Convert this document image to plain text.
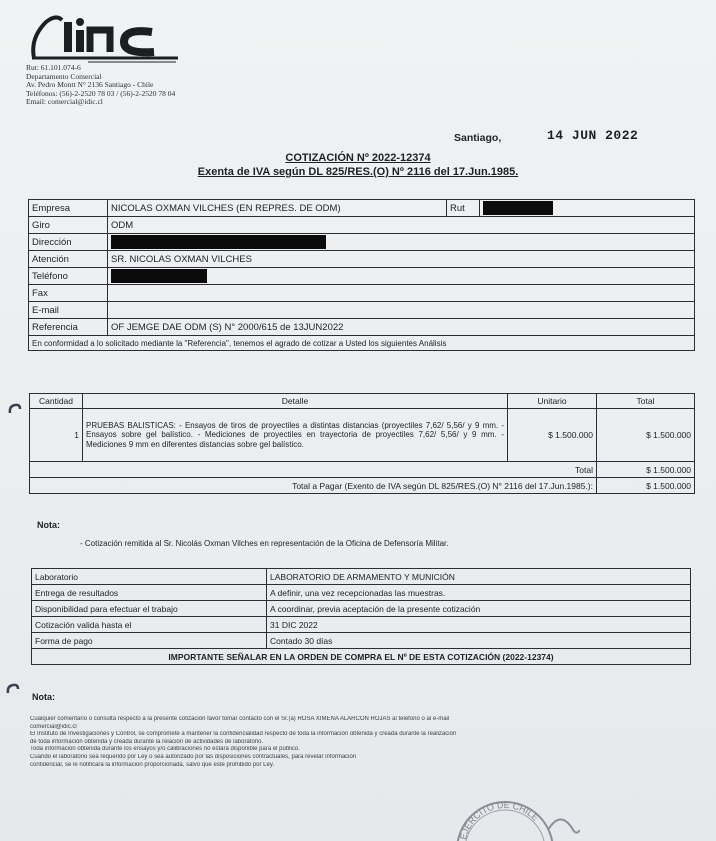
Rut: 61.101.074-6
Departamento Comercial
Av. Pedro Montt N° 2136 Santiago - Chile
Teléfonos: (56)-2-2520 78 03 / (56)-2-2520 78 04
Email: comercial@idic.cl
Santiago,	14 JUN 2022
COTIZACIÓN Nº 2022-12374
Exenta de IVA según DL 825/RES.(O) Nº 2116 del 17.Jun.1985.
Empresa	NICOLAS OXMAN VILCHES (EN REPRES. DE ODM)	Rut	
Giro	ODM		
Dirección			
Atención	SR. NICOLAS OXMAN VILCHES		
Teléfono			
Fax			
E-mail			
Referencia	OF JEMGE DAE ODM (S) N° 2000/615 de 13JUN2022		
En conformidad a lo solicitado mediante la "Referencia", tenemos el agrado de cotizar a Usted los siguientes Análisis			
Cantidad	Detalle	Unitario	Total
1	PRUEBAS BALISTICAS: - Ensayos de tiros de proyectiles a distintas distancias (proyectiles 7,62/ 5,56/ y 9 mm. - Ensayos sobre gel balístico. - Mediciones de proyectiles en trayectoria de proyectiles 7,62/ 5,56/ y 9 mm. - Mediciones 9 mm en diferentes distancias sobre gel balístico.	$ 1.500.000	$ 1.500.000
Total			$ 1.500.000
Total a Pagar (Exento de IVA según DL 825/RES.(O) N° 2116 del 17.Jun.1985.):			$ 1.500.000
Nota:
- Cotización remitida al Sr. Nicolás Oxman Vilches en representación de la Oficina de Defensoría Militar.
Laboratorio	LABORATORIO DE ARMAMENTO Y MUNICIÓN
Entrega de resultados	A definir, una vez recepcionadas las muestras.
Disponibilidad para efectuar el trabajo	A coordinar, previa aceptación de la presente cotización
Cotización valida hasta el	31 DIC 2022
Forma de pago	Contado 30 días
IMPORTANTE SEÑALAR EN LA ORDEN DE COMPRA EL Nº DE ESTA COTIZACIÓN (2022-12374)	
Nota:
Cualquier comentario o consulta respecto a la presente cotización favor tomar contacto con el Sr.(a) ROSA XIMENA ALARCON ROJAS al teléfono o al e-mail
comercial@idic.cl
El Instituto de Investigaciones y Control, se compromete a mantener la confidencialidad respecto de toda la información obtenida y creada durante la realización
de toda información obtenida y creada durante la relación de actividades de laboratorio.
Toda información obtenida durante los ensayos y/o calibraciones no estará disponible para el público.
Cuando el laboratorio sea requerido por Ley o sea autorizado por las disposiciones contractuales, para revelar información
confidencial, se le notificará la información proporcionada, salvo que este prohibido por Ley.
EJERCITO DE CHILE
